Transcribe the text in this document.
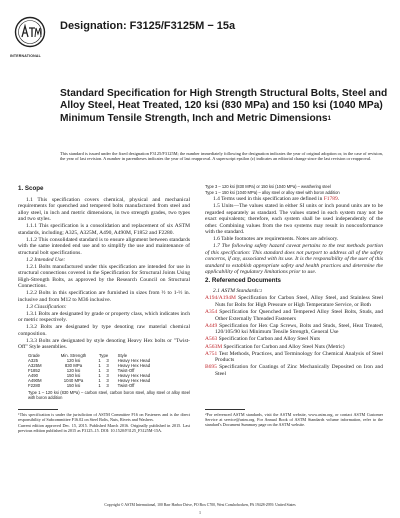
INTERNATIONAL
Designation: F3125/F3125M − 15a
Standard Specification for High Strength Structural Bolts, Steel and Alloy Steel, Heat Treated, 120 ksi (830 MPa) and 150 ksi (1040 MPa) Minimum Tensile Strength, Inch and Metric Dimensions$^1$
This standard is issued under the fixed designation F3125/F3125M; the number immediately following the designation indicates the year of original adoption or, in the case of revision, the year of last revision. A number in parentheses indicates the year of last reapproval. A superscript epsilon (ε) indicates an editorial change since the last revision or reapproval.
1. Scope

1.1 This specification covers chemical, physical and mechanical requirements for quenched and tempered bolts manufactured from steel and alloy steel, in inch and metric dimensions, in two strength grades, two types and two styles.

1.1.1 This specification is a consolidation and replacement of six ASTM standards, including; A325, A325M, A490, A490M, F1852 and F2280.

1.1.2 This consolidated standard is to ensure alignment between standards with the same intended end use and to simplify the use and maintenance of structural bolt specifications.

1.2 Intended Use:

1.2.1 Bolts manufactured under this specification are intended for use in structural connections covered in the Specification for Structural Joints Using High-Strength Bolts, as approved by the Research Council on Structural Connections.

1.2.2 Bolts in this specification are furnished in sizes from ½ to 1-½ in. inclusive and from M12 to M36 inclusive.

1.3 Classification:

1.3.1 Bolts are designated by grade or property class, which indicates inch or metric respectively.

1.3.2 Bolts are designated by type denoting raw material chemical composition.

1.3.3 Bolts are designated by style denoting Heavy Hex bolts or "Twist-Off" Style assemblies.

Grade	Min. Strength	Type		Style
A325	120 ksi	1	3	Heavy Hex Head
A325M	830 MPa	1	3	Heavy Hex Head
F1852	120 ksi	1	3	Twist-Off
A490	150 ksi	1	3	Heavy Hex Head
A490M	1040 MPa	1	3	Heavy Hex Head
F2280	150 ksi	1	3	Twist-Off
Type 1 – 120 ksi (830 MPa) – carbon steel, carbon boron steel, alloy steel or alloy steel with boron addition
Type 3 – 120 ksi (830 MPa) or 150 ksi (1040 MPa) – weathering steel
Type 1 – 150 ksi (1040 MPa) – alloy steel or alloy steel with boron addition

1.4 Terms used in this specification are defined in F1789.

1.5 Units—The values stated in either SI units or inch pound units are to be regarded separately as standard. The values stated in each system may not be exact equivalents; therefore, each system shall be used independently of the other. Combining values from the two systems may result in nonconformance with the standard.

1.6 Table footnotes are requirements. Notes are advisory.

1.7 The following safety hazard caveat pertains to the test methods portion of this specification: This standard does not purport to address all of the safety concerns, if any, associated with its use. It is the responsibility of the user of this standard to establish appropriate safety and health practices and determine the applicability of regulatory limitations prior to use.

2. Referenced Documents

2.1 ASTM Standards:$^2$

A194/A194M Specification for Carbon Steel, Alloy Steel, and Stainless Steel Nuts for Bolts for High Pressure or High Temperature Service, or Both

A354 Specification for Quenched and Tempered Alloy Steel Bolts, Studs, and Other Externally Threaded Fasteners

A449 Specification for Hex Cap Screws, Bolts and Studs, Steel, Heat Treated, 120/105/90 ksi Minimum Tensile Strength, General Use

A563 Specification for Carbon and Alloy Steel Nuts

A563M Specification for Carbon and Alloy Steel Nuts (Metric)

A751 Test Methods, Practices, and Terminology for Chemical Analysis of Steel Products

B695 Specification for Coatings of Zinc Mechanically Deposited on Iron and Steel

$^1$This specification is under the jurisdiction of ASTM Committee F16 on Fasteners and is the direct responsibility of Subcommittee F16.02 on Steel Bolts, Nuts, Rivets and Washers.

Current edition approved Dec. 15, 2015. Published March 2016. Originally published in 2015. Last previous edition published in 2015 as F3125–15. DOI: 10.1520/F3125_F3125M-15A.

$^2$For referenced ASTM standards, visit the ASTM website, www.astm.org, or contact ASTM Customer Service at service@astm.org. For Annual Book of ASTM Standards volume information, refer to the standard's Document Summary page on the ASTM website.

Copyright © ASTM International, 100 Barr Harbor Drive, PO Box C700, West Conshohocken, PA 19428-2959. United States
1
